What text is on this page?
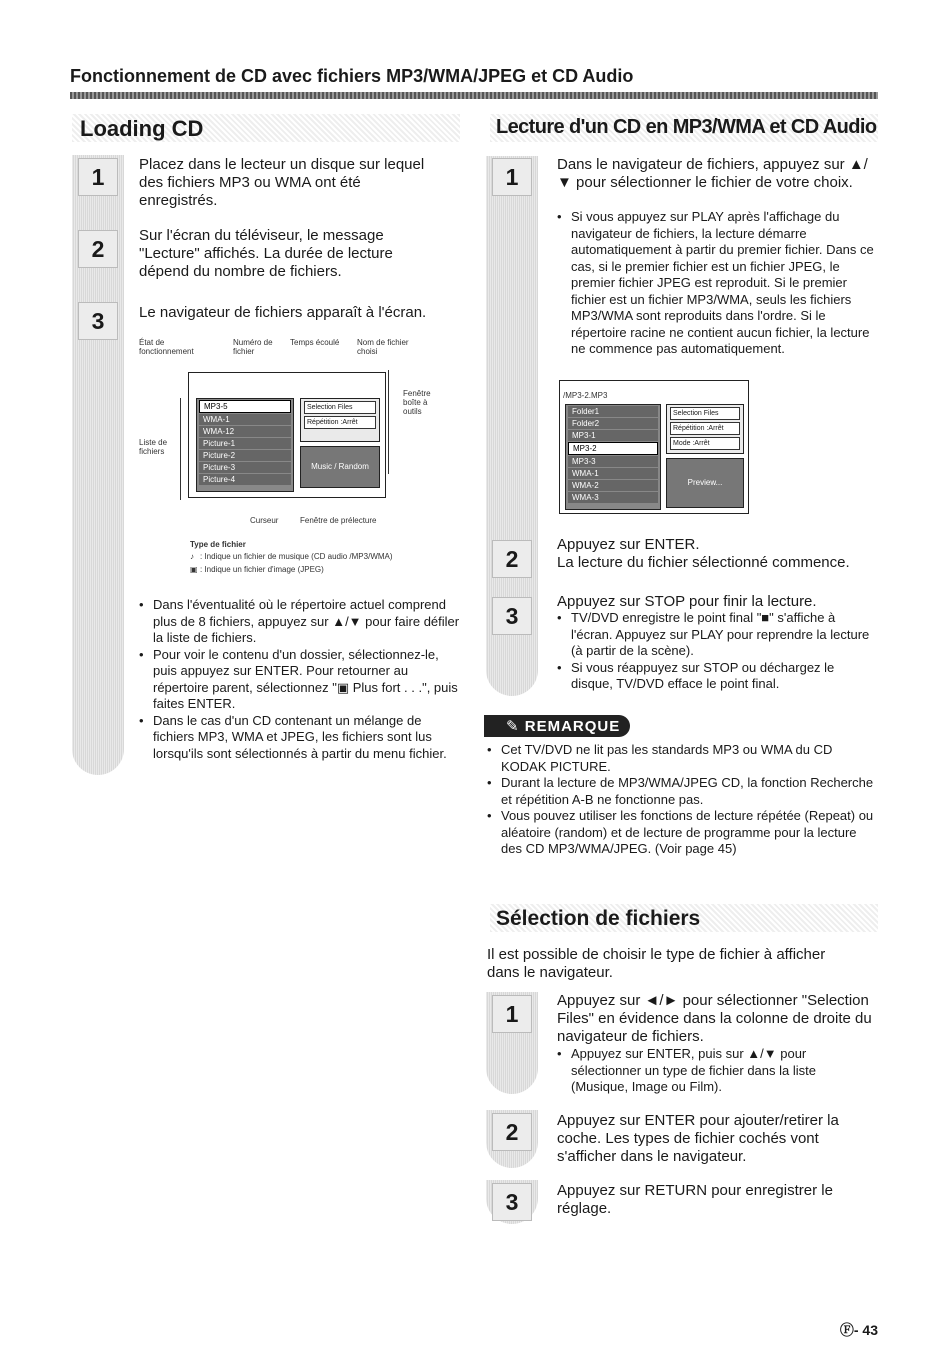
Fonctionnement de CD avec fichiers MP3/WMA/JPEG et CD Audio
Loading CD
1
2
3
Placez dans le lecteur un disque sur lequel des fichiers MP3 ou WMA ont été enregistrés.
Sur l'écran du téléviseur, le message "Lecture" affichés. La durée de lecture dépend du nombre de fichiers.
Le navigateur de fichiers apparaît à l'écran.
État de fonctionnement
Numéro de fichier
Temps écoulé	Nom de fichier choisi
MP3-5
WMA-1
WMA-12
Picture-1
Picture-2
Picture-3
Picture-4
Selection Files
Répétition :Arrêt
Music / Random
Liste de fichiers
Fenêtre boîte à outils
Curseur	Fenêtre de prélecture
Type de fichier
♪ : Indique un fichier de musique (CD audio /MP3/WMA)
▣ : Indique un fichier d'image (JPEG)
• Dans l'éventualité où le répertoire actuel comprend plus de 8 fichiers, appuyez sur ▲/▼ pour faire défiler la liste de fichiers.
• Pour voir le contenu d'un dossier, sélectionnez-le, puis appuyez sur ENTER. Pour retourner au répertoire parent, sélectionnez "▣ Plus fort . . .", puis faites ENTER.
• Dans le cas d'un CD contenant un mélange de fichiers MP3, WMA et JPEG, les fichiers sont lus lorsqu'ils sont sélectionnés à partir du menu fichier.
Lecture d'un CD en MP3/WMA et CD Audio
1
2
3
Dans le navigateur de fichiers, appuyez sur ▲/▼ pour sélectionner le fichier de votre choix.
• Si vous appuyez sur PLAY après l'affichage du navigateur de fichiers, la lecture démarre automatiquement à partir du premier fichier. Dans ce cas, si le premier fichier est un fichier JPEG, le premier fichier JPEG est reproduit. Si le premier fichier est un fichier MP3/WMA, seuls les fichiers MP3/WMA sont reproduits dans l'ordre. Si le répertoire racine ne contient aucun fichier, la lecture ne commence pas automatiquement.
/MP3-2.MP3
Folder1
Folder2
MP3-1
MP3-2
MP3-3
WMA-1
WMA-2
WMA-3
Selection Files
Répétition :Arrêt
Mode :Arrêt
Preview...
Appuyez sur ENTER.
La lecture du fichier sélectionné commence.
Appuyez sur STOP pour finir la lecture.
• TV/DVD enregistre le point final "■" s'affiche à l'écran. Appuyez sur PLAY pour reprendre la lecture (à partir de la scène).
• Si vous réappuyez sur STOP ou déchargez le disque, TV/DVD efface le point final.
✎ REMARQUE
• Cet TV/DVD ne lit pas les standards MP3 ou WMA du CD KODAK PICTURE.
• Durant la lecture de MP3/WMA/JPEG CD, la fonction Recherche et répétition A-B ne fonctionne pas.
• Vous pouvez utiliser les fonctions de lecture répétée (Repeat) ou aléatoire (random) et de lecture de programme pour la lecture des CD MP3/WMA/JPEG. (Voir page 45)
Sélection de fichiers
Il est possible de choisir le type de fichier à afficher dans le navigateur.
1
Appuyez sur ◄/► pour sélectionner "Selection Files" en évidence dans la colonne de droite du navigateur de fichiers.
• Appuyez sur ENTER, puis sur ▲/▼ pour sélectionner un type de fichier dans la liste (Musique, Image ou Film).
2	Appuyez sur ENTER pour ajouter/retirer la coche. Les types de fichier cochés vont s'afficher dans le navigateur.
3	Appuyez sur RETURN pour enregistrer le réglage.
Ⓕ- 43
